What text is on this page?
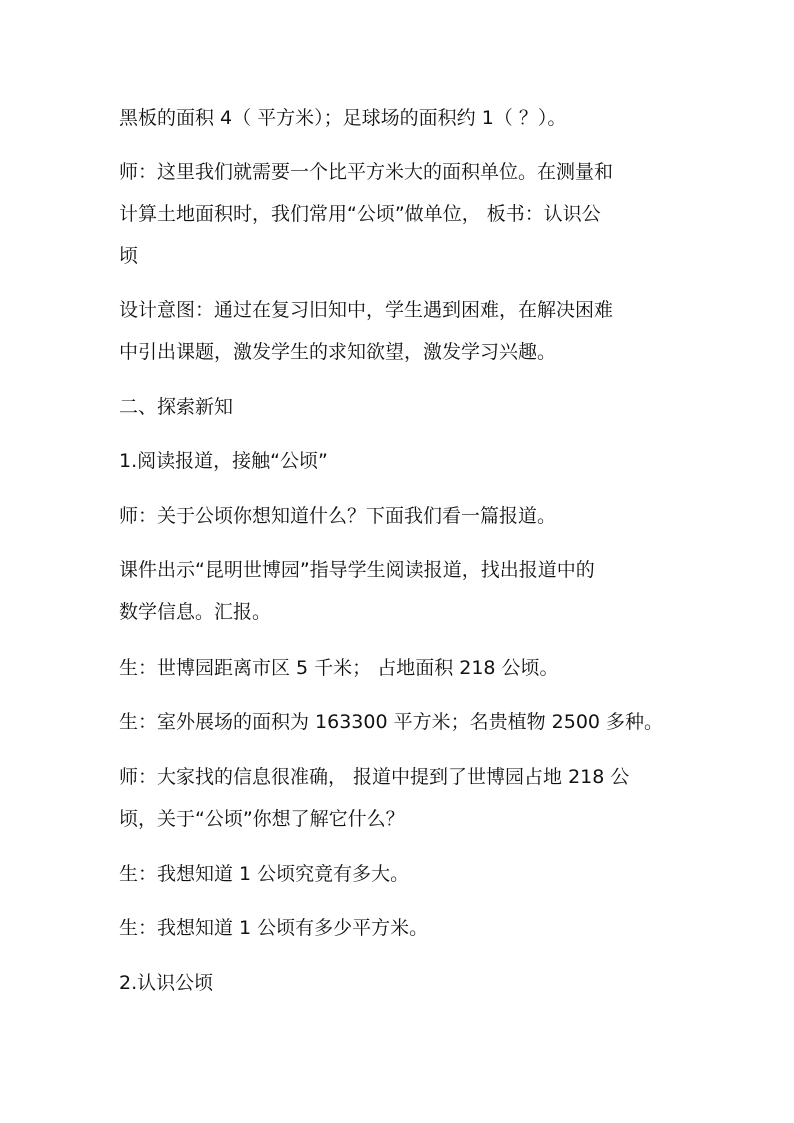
黑板的面积 4（ 平方米）；足球场的面积约 1（ ？）。
师：这里我们就需要一个比平方米大的面积单位。在测量和
计算土地面积时，我们常用“公顷”做单位， 板书：认识公
顷
设计意图：通过在复习旧知中，学生遇到困难，在解决困难
中引出课题，激发学生的求知欲望，激发学习兴趣。
二、探索新知
1.阅读报道，接触“公顷”
师：关于公顷你想知道什么？下面我们看一篇报道。
课件出示“昆明世博园”指导学生阅读报道，找出报道中的
数学信息。汇报。
生：世博园距离市区 5 千米； 占地面积 218 公顷。
生：室外展场的面积为 163300 平方米；名贵植物 2500 多种。
师：大家找的信息很准确， 报道中提到了世博园占地 218 公
顷，关于“公顷”你想了解它什么？
生：我想知道 1 公顷究竟有多大。
生：我想知道 1 公顷有多少平方米。
2.认识公顷
